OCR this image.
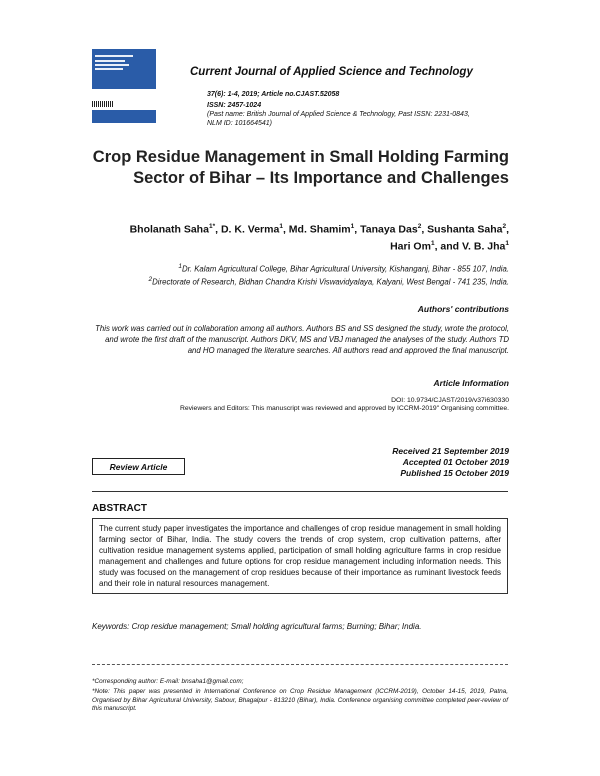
Current Journal of Applied Science and Technology
37(6): 1-4, 2019; Article no.CJAST.52058
ISSN: 2457-1024
(Past name: British Journal of Applied Science & Technology, Past ISSN: 2231-0843,
NLM ID: 101664541)
Crop Residue Management in Small Holding Farming Sector of Bihar – Its Importance and Challenges
Bholanath Saha$^{1*}$, D. K. Verma$^1$, Md. Shamim$^1$, Tanaya Das$^2$, Sushanta Saha$^2$,
Hari Om$^1$, and V. B. Jha$^1$
$^1$Dr. Kalam Agricultural College, Bihar Agricultural University, Kishanganj, Bihar - 855 107, India.
$^2$Directorate of Research, Bidhan Chandra Krishi Viswavidyalaya, Kalyani, West Bengal - 741 235, India.
Authors' contributions
This work was carried out in collaboration among all authors. Authors BS and SS designed the study, wrote the protocol, and wrote the first draft of the manuscript. Authors DKV, MS and VBJ managed the analyses of the study. Authors TD and HO managed the literature searches. All authors read and approved the final manuscript.
Article Information
DOI: 10.9734/CJAST/2019/v37i630330
Reviewers and Editors: This manuscript was reviewed and approved by ICCRM-2019" Organising committee.
Received 21 September 2019
Accepted 01 October 2019
Published 15 October 2019
Review Article
ABSTRACT
The current study paper investigates the importance and challenges of crop residue management in small holding farming sector of Bihar, India. The study covers the trends of crop system, crop cultivation patterns, after cultivation residue management systems applied, participation of small holding agriculture farms in crop residue management and challenges and future options for crop residue management including information needs. This study was focused on the management of crop residues because of their importance as ruminant livestock feeds and their role in natural resources management.
Keywords: Crop residue management; Small holding agricultural farms; Burning; Bihar; India.
*Corresponding author: E-mail: bnsaha1@gmail.com;
*Note: This paper was presented in International Conference on Crop Residue Management (ICCRM-2019), October 14-15, 2019, Patna, Organised by Bihar Agricultural University, Sabour, Bhagalpur - 813210 (Bihar), India. Conference organising committee completed peer-review of this manuscript.
